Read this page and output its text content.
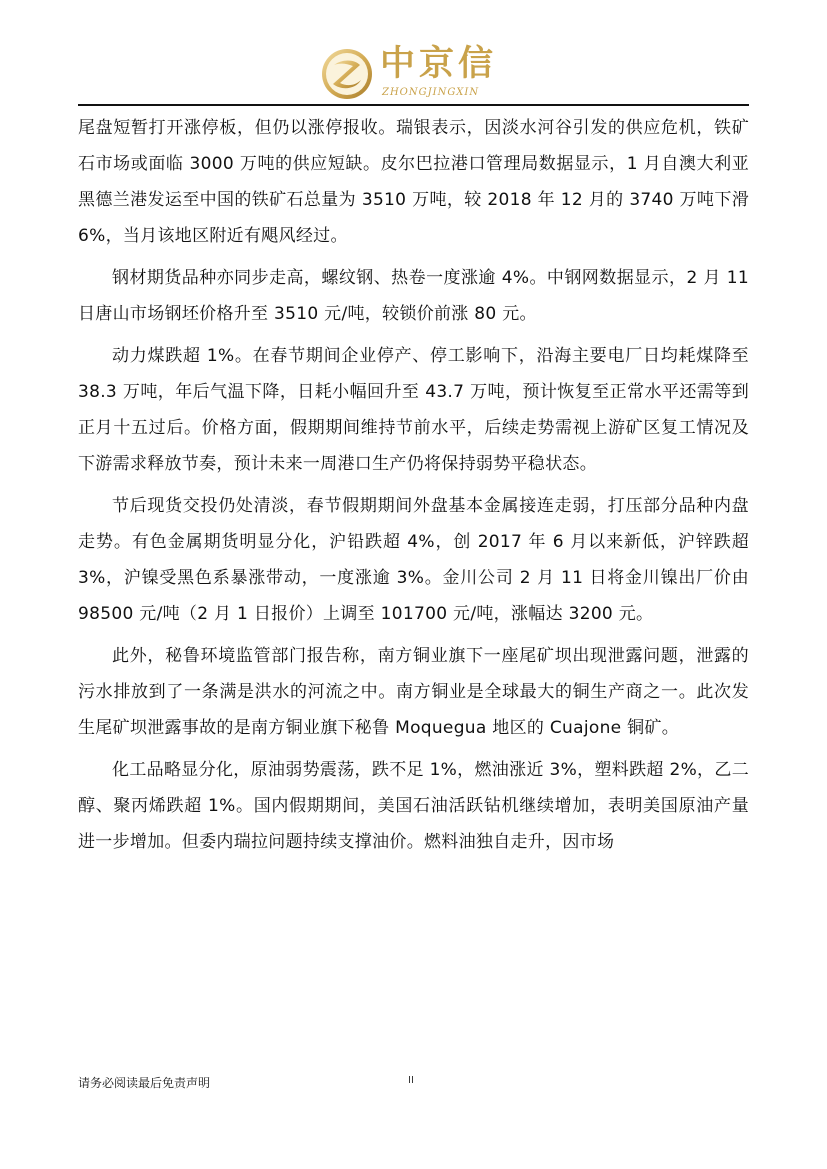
中京信
ZHONGJINGXIN

尾盘短暂打开涨停板，但仍以涨停报收。瑞银表示，因淡水河谷引发的供应危机，铁矿石市场或面临 3000 万吨的供应短缺。皮尔巴拉港口管理局数据显示，1 月自澳大利亚黑德兰港发运至中国的铁矿石总量为 3510 万吨，较 2018 年 12 月的 3740 万吨下滑 6%，当月该地区附近有飓风经过。

钢材期货品种亦同步走高，螺纹钢、热卷一度涨逾 4%。中钢网数据显示，2 月 11 日唐山市场钢坯价格升至 3510 元/吨，较锁价前涨 80 元。

动力煤跌超 1%。在春节期间企业停产、停工影响下，沿海主要电厂日均耗煤降至 38.3 万吨，年后气温下降，日耗小幅回升至 43.7 万吨，预计恢复至正常水平还需等到正月十五过后。价格方面，假期期间维持节前水平，后续走势需视上游矿区复工情况及下游需求释放节奏，预计未来一周港口生产仍将保持弱势平稳状态。

节后现货交投仍处清淡，春节假期期间外盘基本金属接连走弱，打压部分品种内盘走势。有色金属期货明显分化，沪铅跌超 4%，创 2017 年 6 月以来新低，沪锌跌超 3%，沪镍受黑色系暴涨带动，一度涨逾 3%。金川公司 2 月 11 日将金川镍出厂价由 98500 元/吨（2 月 1 日报价）上调至 101700 元/吨，涨幅达 3200 元。

此外，秘鲁环境监管部门报告称，南方铜业旗下一座尾矿坝出现泄露问题，泄露的污水排放到了一条满是洪水的河流之中。南方铜业是全球最大的铜生产商之一。此次发生尾矿坝泄露事故的是南方铜业旗下秘鲁 Moquegua 地区的 Cuajone 铜矿。

化工品略显分化，原油弱势震荡，跌不足 1%，燃油涨近 3%，塑料跌超 2%，乙二醇、聚丙烯跌超 1%。国内假期期间，美国石油活跃钻机继续增加，表明美国原油产量进一步增加。但委内瑞拉问题持续支撑油价。燃料油独自走升，因市场

请务必阅读最后免责声明	II
